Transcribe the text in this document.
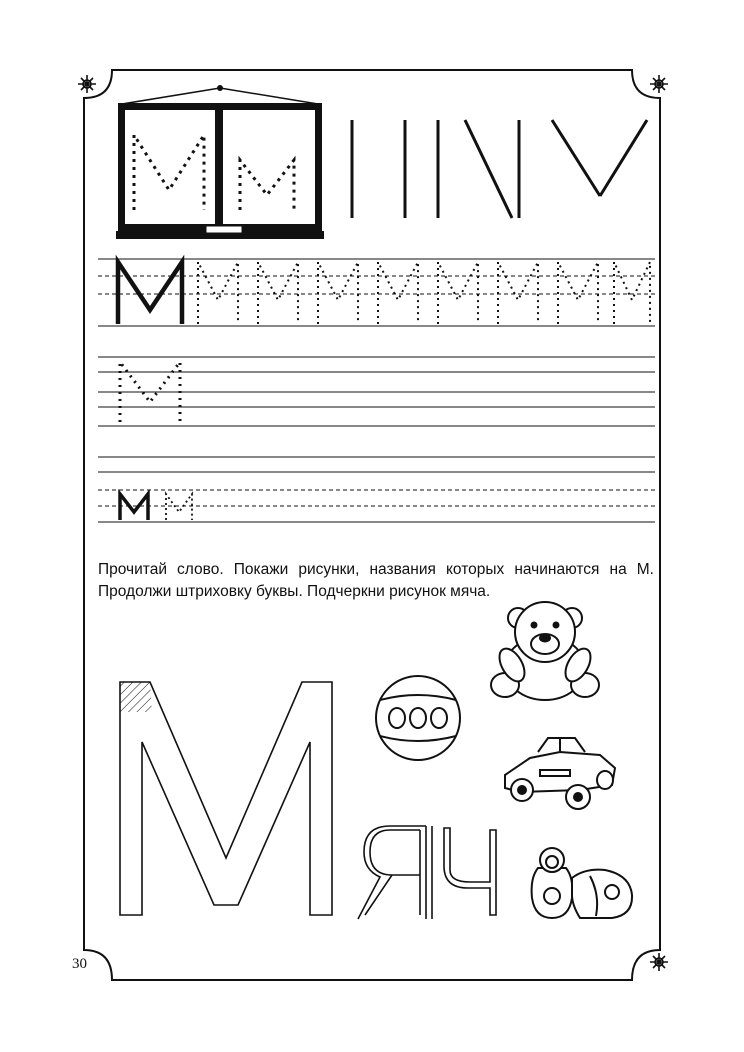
Прочитай слово. Покажи рисунки, названия которых начинаются на М. Продолжи штриховку буквы. Подчеркни рисунок мяча.
30
